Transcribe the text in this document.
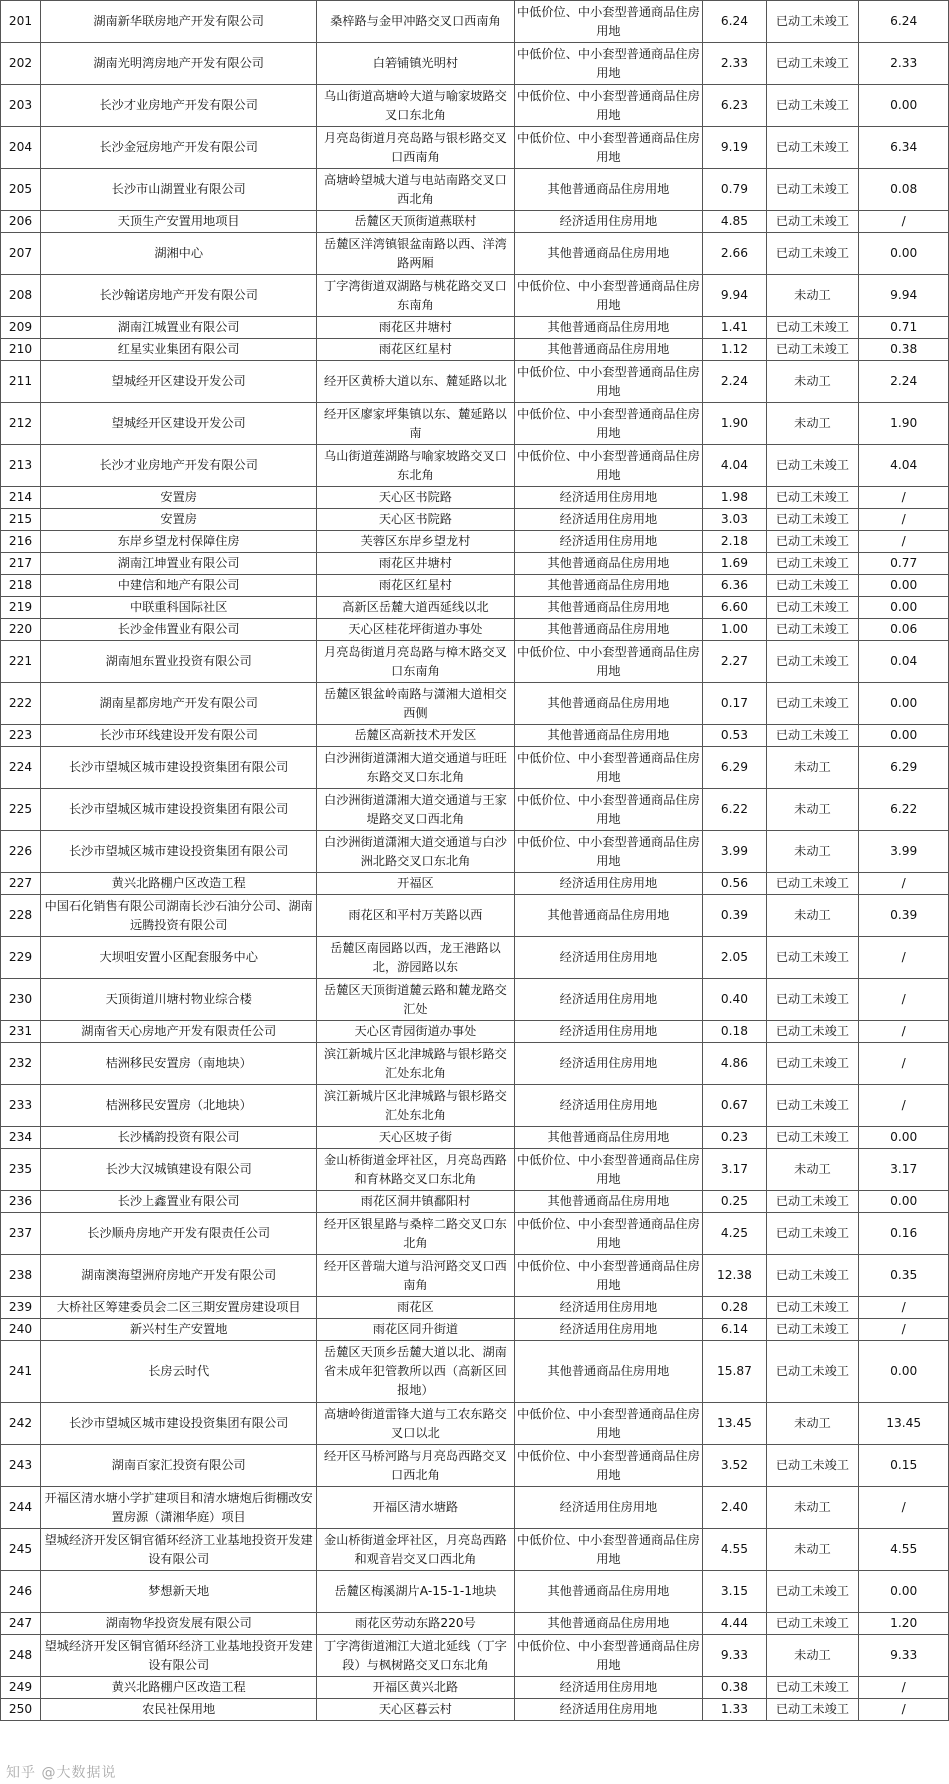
201	湖南新华联房地产开发有限公司	桑梓路与金甲冲路交叉口西南角	中低价位、中小套型普通商品住房用地	6.24	已动工未竣工	6.24
202	湖南光明湾房地产开发有限公司	白箬铺镇光明村	中低价位、中小套型普通商品住房用地	2.33	已动工未竣工	2.33
203	长沙才业房地产开发有限公司	乌山街道高塘岭大道与喻家坡路交叉口东北角	中低价位、中小套型普通商品住房用地	6.23	已动工未竣工	0.00
204	长沙金冠房地产开发有限公司	月亮岛街道月亮岛路与银杉路交叉口西南角	中低价位、中小套型普通商品住房用地	9.19	已动工未竣工	6.34
205	长沙市山湖置业有限公司	高塘岭望城大道与电站南路交叉口西北角	其他普通商品住房用地	0.79	已动工未竣工	0.08
206	天顶生产安置用地项目	岳麓区天顶街道燕联村	经济适用住房用地	4.85	已动工未竣工	/
207	湖湘中心	岳麓区洋湾镇银盆南路以西、洋湾路两厢	其他普通商品住房用地	2.66	已动工未竣工	0.00
208	长沙翰诺房地产开发有限公司	丁字湾街道双湖路与桃花路交叉口东南角	中低价位、中小套型普通商品住房用地	9.94	未动工	9.94
209	湖南江城置业有限公司	雨花区井塘村	其他普通商品住房用地	1.41	已动工未竣工	0.71
210	红星实业集团有限公司	雨花区红星村	其他普通商品住房用地	1.12	已动工未竣工	0.38
211	望城经开区建设开发公司	经开区黄桥大道以东、麓延路以北	中低价位、中小套型普通商品住房用地	2.24	未动工	2.24
212	望城经开区建设开发公司	经开区廖家坪集镇以东、麓延路以南	中低价位、中小套型普通商品住房用地	1.90	未动工	1.90
213	长沙才业房地产开发有限公司	乌山街道莲湖路与喻家坡路交叉口东北角	中低价位、中小套型普通商品住房用地	4.04	已动工未竣工	4.04
214	安置房	天心区书院路	经济适用住房用地	1.98	已动工未竣工	/
215	安置房	天心区书院路	经济适用住房用地	3.03	已动工未竣工	/
216	东岸乡望龙村保障住房	芙蓉区东岸乡望龙村	经济适用住房用地	2.18	已动工未竣工	/
217	湖南江坤置业有限公司	雨花区井塘村	其他普通商品住房用地	1.69	已动工未竣工	0.77
218	中建信和地产有限公司	雨花区红星村	其他普通商品住房用地	6.36	已动工未竣工	0.00
219	中联重科国际社区	高新区岳麓大道西延线以北	其他普通商品住房用地	6.60	已动工未竣工	0.00
220	长沙金伟置业有限公司	天心区桂花坪街道办事处	其他普通商品住房用地	1.00	已动工未竣工	0.06
221	湖南旭东置业投资有限公司	月亮岛街道月亮岛路与樟木路交叉口东南角	中低价位、中小套型普通商品住房用地	2.27	已动工未竣工	0.04
222	湖南星都房地产开发有限公司	岳麓区银盆岭南路与潇湘大道相交西侧	其他普通商品住房用地	0.17	已动工未竣工	0.00
223	长沙市环线建设开发有限公司	岳麓区高新技术开发区	其他普通商品住房用地	0.53	已动工未竣工	0.00
224	长沙市望城区城市建设投资集团有限公司	白沙洲街道潇湘大道交通道与旺旺东路交叉口东北角	中低价位、中小套型普通商品住房用地	6.29	未动工	6.29
225	长沙市望城区城市建设投资集团有限公司	白沙洲街道潇湘大道交通道与王家堤路交叉口西北角	中低价位、中小套型普通商品住房用地	6.22	未动工	6.22
226	长沙市望城区城市建设投资集团有限公司	白沙洲街道潇湘大道交通道与白沙洲北路交叉口东北角	中低价位、中小套型普通商品住房用地	3.99	未动工	3.99
227	黄兴北路棚户区改造工程	开福区	经济适用住房用地	0.56	已动工未竣工	/
228	中国石化销售有限公司湖南长沙石油分公司、湖南远腾投资有限公司	雨花区和平村万芙路以西	其他普通商品住房用地	0.39	未动工	0.39
229	大坝咀安置小区配套服务中心	岳麓区南园路以西，龙王港路以北，游园路以东	经济适用住房用地	2.05	已动工未竣工	/
230	天顶街道川塘村物业综合楼	岳麓区天顶街道麓云路和麓龙路交汇处	经济适用住房用地	0.40	已动工未竣工	/
231	湖南省天心房地产开发有限责任公司	天心区青园街道办事处	经济适用住房用地	0.18	已动工未竣工	/
232	桔洲移民安置房（南地块）	滨江新城片区北津城路与银杉路交汇处东北角	经济适用住房用地	4.86	已动工未竣工	/
233	桔洲移民安置房（北地块）	滨江新城片区北津城路与银杉路交汇处东北角	经济适用住房用地	0.67	已动工未竣工	/
234	长沙橘韵投资有限公司	天心区坡子街	其他普通商品住房用地	0.23	已动工未竣工	0.00
235	长沙大汉城镇建设有限公司	金山桥街道金坪社区，月亮岛西路和育林路交叉口东北角	中低价位、中小套型普通商品住房用地	3.17	未动工	3.17
236	长沙上鑫置业有限公司	雨花区洞井镇鄱阳村	其他普通商品住房用地	0.25	已动工未竣工	0.00
237	长沙顺舟房地产开发有限责任公司	经开区银星路与桑梓二路交叉口东北角	中低价位、中小套型普通商品住房用地	4.25	已动工未竣工	0.16
238	湖南澳海望洲府房地产开发有限公司	经开区普瑞大道与沿河路交叉口西南角	中低价位、中小套型普通商品住房用地	12.38	已动工未竣工	0.35
239	大桥社区筹建委员会二区三期安置房建设项目	雨花区	经济适用住房用地	0.28	已动工未竣工	/
240	新兴村生产安置地	雨花区同升街道	经济适用住房用地	6.14	已动工未竣工	/
241	长房云时代	岳麓区天顶乡岳麓大道以北、湖南省未成年犯管教所以西（高新区回报地）	其他普通商品住房用地	15.87	已动工未竣工	0.00
242	长沙市望城区城市建设投资集团有限公司	高塘岭街道雷锋大道与工农东路交叉口以北	中低价位、中小套型普通商品住房用地	13.45	未动工	13.45
243	湖南百家汇投资有限公司	经开区马桥河路与月亮岛西路交叉口西北角	中低价位、中小套型普通商品住房用地	3.52	已动工未竣工	0.15
244	开福区清水塘小学扩建项目和清水塘炮后街棚改安置房源（潇湘华庭）项目	开福区清水塘路	经济适用住房用地	2.40	未动工	/
245	望城经济开发区铜官循环经济工业基地投资开发建设有限公司	金山桥街道金坪社区，月亮岛西路和观音岩交叉口西北角	中低价位、中小套型普通商品住房用地	4.55	未动工	4.55
246	梦想新天地	岳麓区梅溪湖片A-15-1-1地块	其他普通商品住房用地	3.15	已动工未竣工	0.00
247	湖南物华投资发展有限公司	雨花区劳动东路220号	其他普通商品住房用地	4.44	已动工未竣工	1.20
248	望城经济开发区铜官循环经济工业基地投资开发建设有限公司	丁字湾街道湘江大道北延线（丁字段）与枫树路交叉口东北角	中低价位、中小套型普通商品住房用地	9.33	未动工	9.33
249	黄兴北路棚户区改造工程	开福区黄兴北路	经济适用住房用地	0.38	已动工未竣工	/
250	农民社保用地	天心区暮云村	经济适用住房用地	1.33	已动工未竣工	/
知乎 @大数据说
